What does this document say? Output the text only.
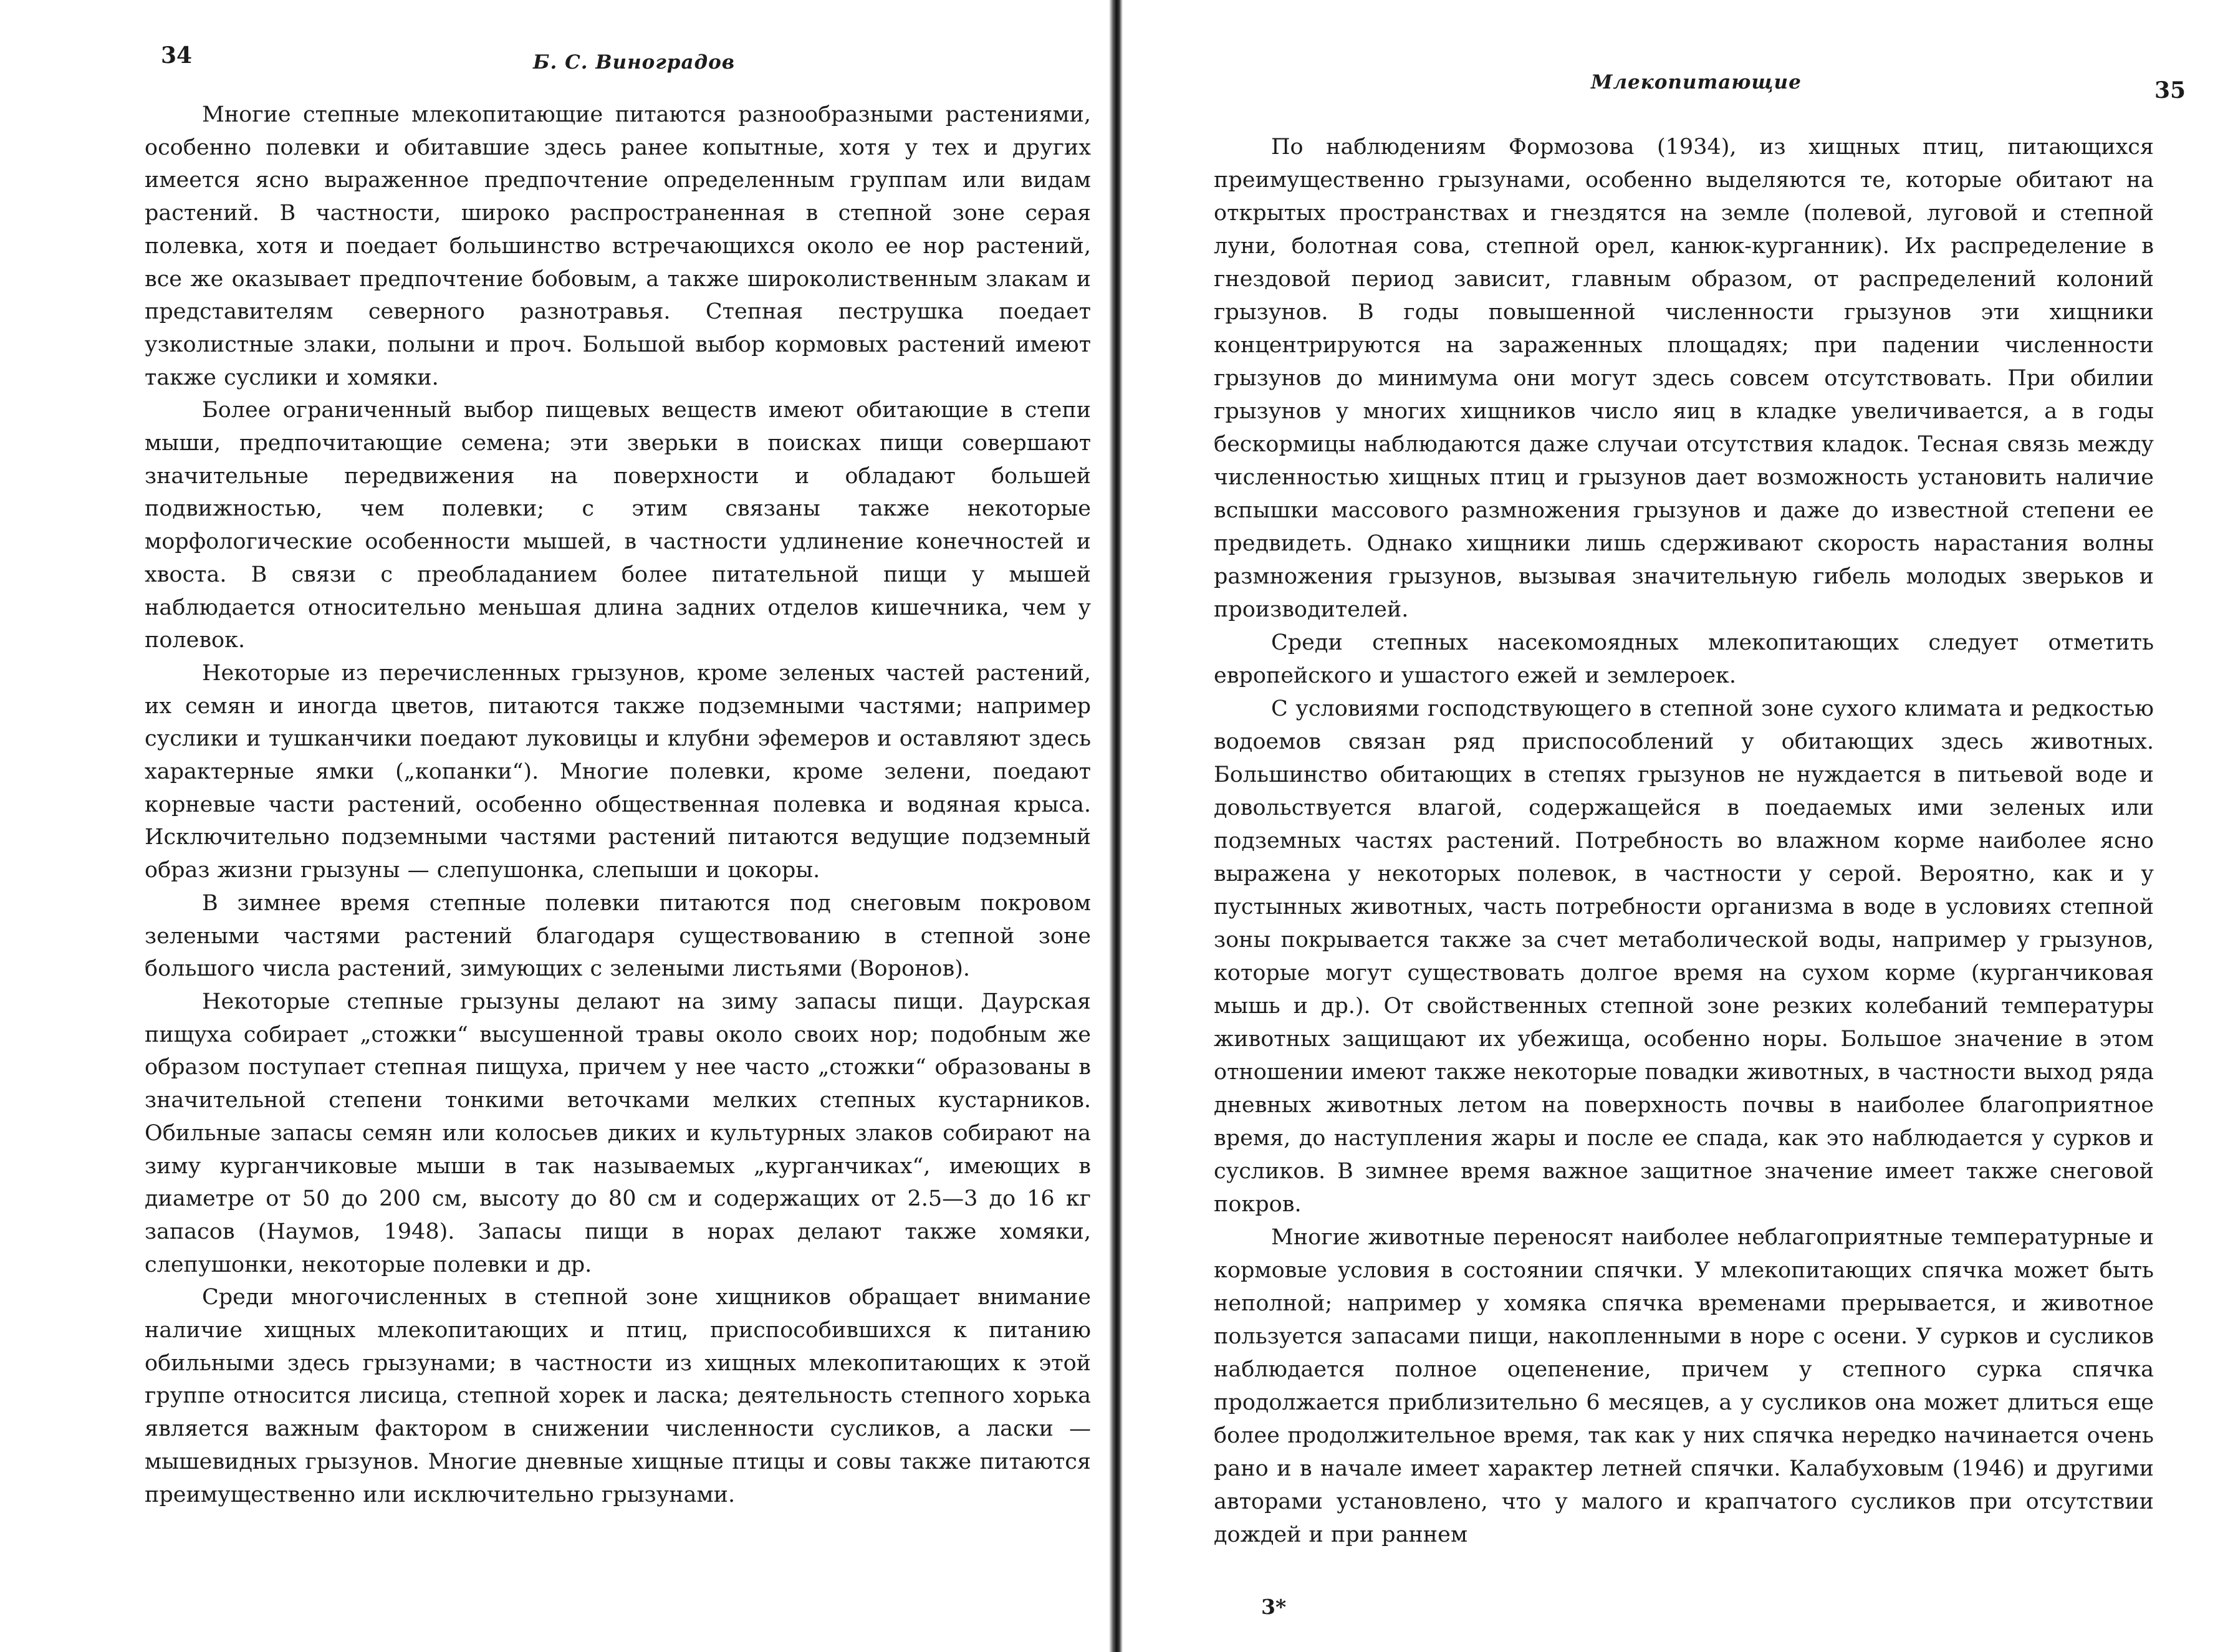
34	Б. С. Виноградов

Многие степные млекопитающие питаются разнообразными растениями, особенно полевки и обитавшие здесь ранее копытные, хотя у тех и других имеется ясно выраженное предпочтение определенным группам или видам растений. В частности, широко распространенная в степной зоне серая полевка, хотя и поедает большинство встречающихся около ее нор растений, все же оказывает предпочтение бобовым, а также широколиственным злакам и представителям северного разнотравья. Степная пеструшка поедает узколистные злаки, полыни и проч. Большой выбор кормовых растений имеют также суслики и хомяки.

Более ограниченный выбор пищевых веществ имеют обитающие в степи мыши, предпочитающие семена; эти зверьки в поисках пищи совершают значительные передвижения на поверхности и обладают большей подвижностью, чем полевки; с этим связаны также некоторые морфологические особенности мышей, в частности удлинение конечностей и хвоста. В связи с преобладанием более питательной пищи у мышей наблюдается относительно меньшая длина задних отделов кишечника, чем у полевок.

Некоторые из перечисленных грызунов, кроме зеленых частей растений, их семян и иногда цветов, питаются также подземными частями; например суслики и тушканчики поедают луковицы и клубни эфемеров и оставляют здесь характерные ямки („копанки“). Многие полевки, кроме зелени, поедают корневые части растений, особенно общественная полевка и водяная крыса. Исключительно подземными частями растений питаются ведущие подземный образ жизни грызуны — слепушонка, слепыши и цокоры.

В зимнее время степные полевки питаются под снеговым покровом зелеными частями растений благодаря существованию в степной зоне большого числа растений, зимующих с зелеными листьями (Воронов).

Некоторые степные грызуны делают на зиму запасы пищи. Даурская пищуха собирает „стожки“ высушенной травы около своих нор; подобным же образом поступает степная пищуха, причем у нее часто „стожки“ образованы в значительной степени тонкими веточками мелких степных кустарников. Обильные запасы семян или колосьев диких и культурных злаков собирают на зиму курганчиковые мыши в так называемых „курганчиках“, имеющих в диаметре от 50 до 200 см, высоту до 80 см и содержащих от 2.5—3 до 16 кг запасов (Наумов, 1948). Запасы пищи в норах делают также хомяки, слепушонки, некоторые полевки и др.

Среди многочисленных в степной зоне хищников обращает внимание наличие хищных млекопитающих и птиц, приспособившихся к питанию обильными здесь грызунами; в частности из хищных млекопитающих к этой группе относится лисица, степной хорек и ласка; деятельность степного хорька является важным фактором в снижении численности сусликов, а ласки — мышевидных грызунов. Многие дневные хищные птицы и совы также питаются преимущественно или исключительно грызунами.

Млекопитающие	35

По наблюдениям Формозова (1934), из хищных птиц, питающихся преимущественно грызунами, особенно выделяются те, которые обитают на открытых пространствах и гнездятся на земле (полевой, луговой и степной луни, болотная сова, степной орел, канюк-курганник). Их распределение в гнездовой период зависит, главным образом, от распределений колоний грызунов. В годы повышенной численности грызунов эти хищники концентрируются на зараженных площадях; при падении численности грызунов до минимума они могут здесь совсем отсутствовать. При обилии грызунов у многих хищников число яиц в кладке увеличивается, а в годы бескормицы наблюдаются даже случаи отсутствия кладок. Тесная связь между численностью хищных птиц и грызунов дает возможность установить наличие вспышки массового размножения грызунов и даже до известной степени ее предвидеть. Однако хищники лишь сдерживают скорость нарастания волны размножения грызунов, вызывая значительную гибель молодых зверьков и производителей.

Среди степных насекомоядных млекопитающих следует отметить европейского и ушастого ежей и землероек.

С условиями господствующего в степной зоне сухого климата и редкостью водоемов связан ряд приспособлений у обитающих здесь животных. Большинство обитающих в степях грызунов не нуждается в питьевой воде и довольствуется влагой, содержащейся в поедаемых ими зеленых или подземных частях растений. Потребность во влажном корме наиболее ясно выражена у некоторых полевок, в частности у серой. Вероятно, как и у пустынных животных, часть потребности организма в воде в условиях степной зоны покрывается также за счет метаболической воды, например у грызунов, которые могут существовать долгое время на сухом корме (курганчиковая мышь и др.). От свойственных степной зоне резких колебаний температуры животных защищают их убежища, особенно норы. Большое значение в этом отношении имеют также некоторые повадки животных, в частности выход ряда дневных животных летом на поверхность почвы в наиболее благоприятное время, до наступления жары и после ее спада, как это наблюдается у сурков и сусликов. В зимнее время важное защитное значение имеет также снеговой покров.

Многие животные переносят наиболее неблагоприятные температурные и кормовые условия в состоянии спячки. У млекопитающих спячка может быть неполной; например у хомяка спячка временами прерывается, и животное пользуется запасами пищи, накопленными в норе с осени. У сурков и сусликов наблюдается полное оцепенение, причем у степного сурка спячка продолжается приблизительно 6 месяцев, а у сусликов она может длиться еще более продолжительное время, так как у них спячка нередко начинается очень рано и в начале имеет характер летней спячки. Калабуховым (1946) и другими авторами установлено, что у малого и крапчатого сусликов при отсутствии дождей и при раннем

3*
